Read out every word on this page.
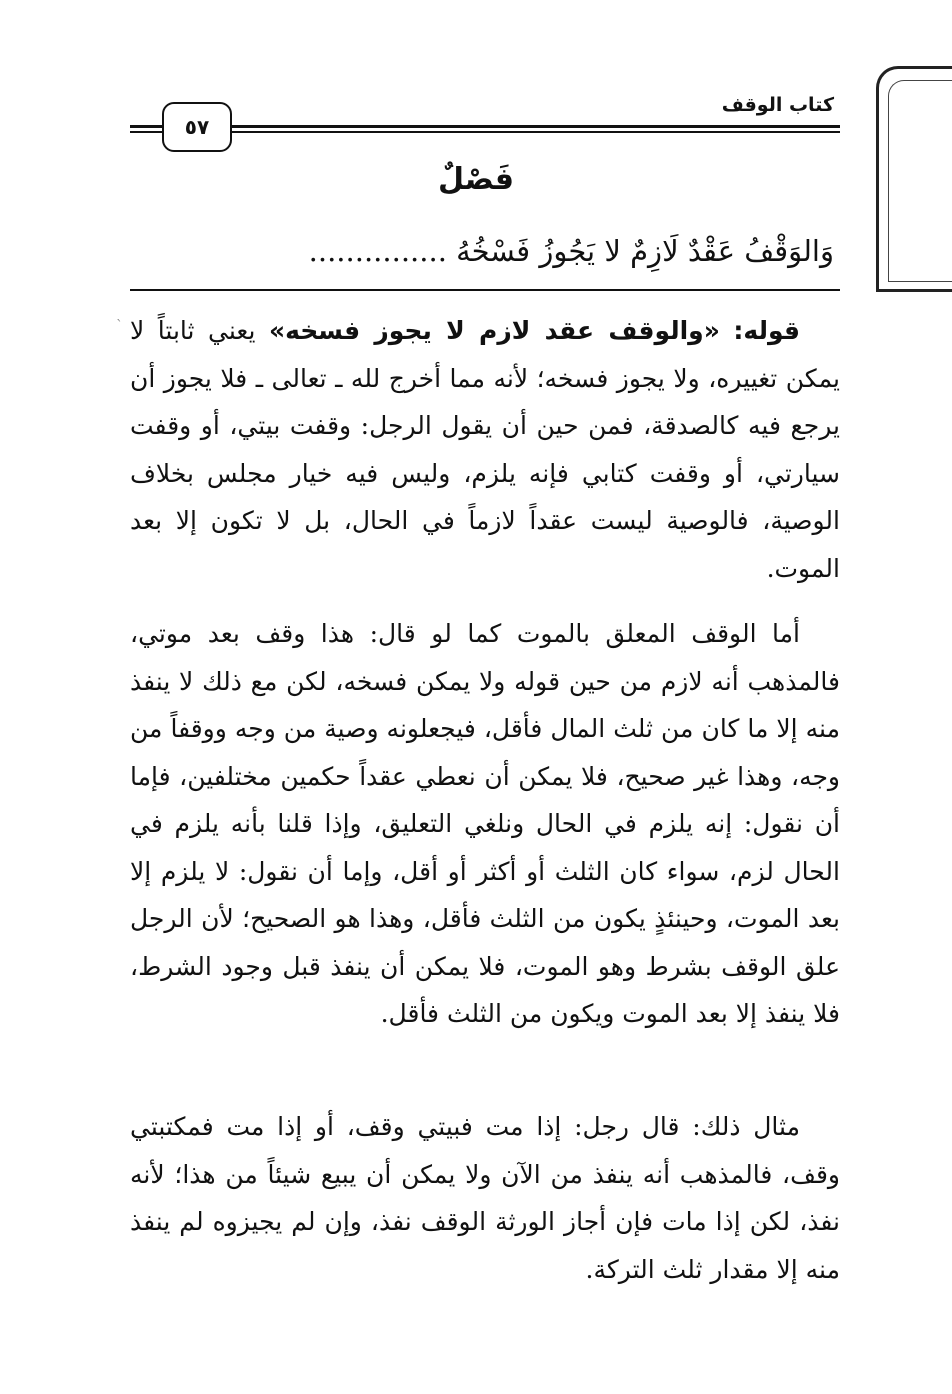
كتاب الوقف
٥٧
فَصْلٌ
وَالوَقْفُ عَقْدٌ لَازِمٌ لا يَجُوزُ فَسْخُهُ ...............
`	قوله: «والوقف عقد لازم لا يجوز فسخه» يعني ثابتاً لا يمكن تغييره، ولا يجوز فسخه؛ لأنه مما أخرج لله ـ تعالى ـ فلا يجوز أن يرجع فيه كالصدقة، فمن حين أن يقول الرجل: وقفت بيتي، أو وقفت سيارتي، أو وقفت كتابي فإنه يلزم، وليس فيه خيار مجلس بخلاف الوصية، فالوصية ليست عقداً لازماً في الحال، بل لا تكون إلا بعد الموت.
أما الوقف المعلق بالموت كما لو قال: هذا وقف بعد موتي، فالمذهب أنه لازم من حين قوله ولا يمكن فسخه، لكن مع ذلك لا ينفذ منه إلا ما كان من ثلث المال فأقل، فيجعلونه وصية من وجه ووقفاً من وجه، وهذا غير صحيح، فلا يمكن أن نعطي عقداً حكمين مختلفين، فإما أن نقول: إنه يلزم في الحال ونلغي التعليق، وإذا قلنا بأنه يلزم في الحال لزم، سواء كان الثلث أو أكثر أو أقل، وإما أن نقول: لا يلزم إلا بعد الموت، وحينئذٍ يكون من الثلث فأقل، وهذا هو الصحيح؛ لأن الرجل علق الوقف بشرط وهو الموت، فلا يمكن أن ينفذ قبل وجود الشرط، فلا ينفذ إلا بعد الموت ويكون من الثلث فأقل.
مثال ذلك: قال رجل: إذا مت فبيتي وقف، أو إذا مت فمكتبتي وقف، فالمذهب أنه ينفذ من الآن ولا يمكن أن يبيع شيئاً من هذا؛ لأنه نفذ، لكن إذا مات فإن أجاز الورثة الوقف نفذ، وإن لم يجيزوه لم ينفذ منه إلا مقدار ثلث التركة.
